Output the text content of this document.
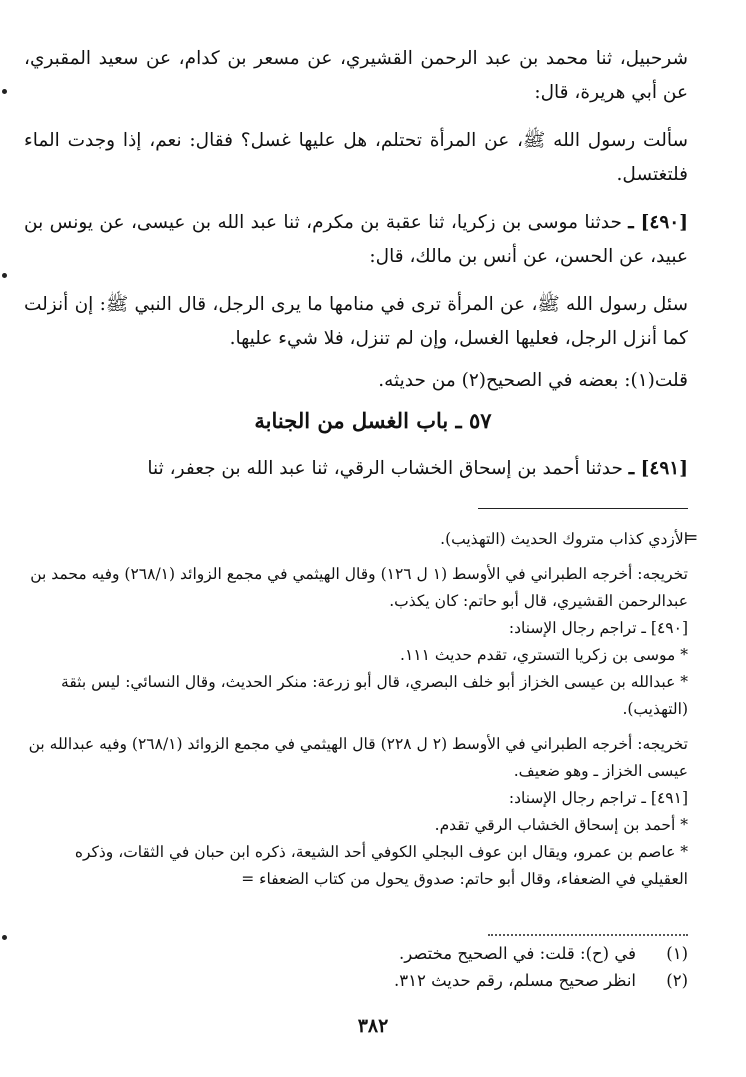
شرحبيل، ثنا محمد بن عبد الرحمن القشيري، عن مسعر بن كدام، عن سعيد المقبري، عن أبي هريرة، قال:

سألت رسول الله ﷺ، عن المرأة تحتلم، هل عليها غسل؟ فقال: نعم، إذا وجدت الماء فلتغتسل.

[٤٩٠] ـ حدثنا موسى بن زكريا، ثنا عقبة بن مكرم، ثنا عبد الله بن عيسى، عن يونس بن عبيد، عن الحسن، عن أنس بن مالك، قال:

سئل رسول الله ﷺ، عن المرأة ترى في منامها ما يرى الرجل، قال النبي ﷺ: إن أنزلت كما أنزل الرجل، فعليها الغسل، وإن لم تنزل، فلا شيء عليها.

قلت(١): بعضه في الصحيح(٢) من حديثه.

٥٧ ـ باب الغسل من الجنابة

[٤٩١] ـ حدثنا أحمد بن إسحاق الخشاب الرقي، ثنا عبد الله بن جعفر، ثنا

=

الأزدي كذاب متروك الحديث (التهذيب).

تخريجه: أخرجه الطبراني في الأوسط (١ ل ١٢٦) وقال الهيثمي في مجمع الزوائد (٢٦٨/١) وفيه محمد بن عبدالرحمن القشيري، قال أبو حاتم: كان يكذب.

[٤٩٠] ـ تراجم رجال الإسناد:

* موسى بن زكريا التستري، تقدم حديث ١١١.

* عبدالله بن عيسى الخزاز أبو خلف البصري، قال أبو زرعة: منكر الحديث، وقال النسائي: ليس بثقة (التهذيب).

تخريجه: أخرجه الطبراني في الأوسط (٢ ل ٢٢٨) قال الهيثمي في مجمع الزوائد (٢٦٨/١) وفيه عبدالله بن عيسى الخزاز ـ وهو ضعيف.

[٤٩١] ـ تراجم رجال الإسناد:

* أحمد بن إسحاق الخشاب الرقي تقدم.

* عاصم بن عمرو، ويقال ابن عوف البجلي الكوفي أحد الشيعة، ذكره ابن حبان في الثقات، وذكره العقيلي في الضعفاء، وقال أبو حاتم: صدوق يحول من كتاب الضعفاء =

(١)
في (ح): قلت: في الصحيح مختصر.
(٢)
انظر صحيح مسلم، رقم حديث ٣١٢.
٣٨٢
